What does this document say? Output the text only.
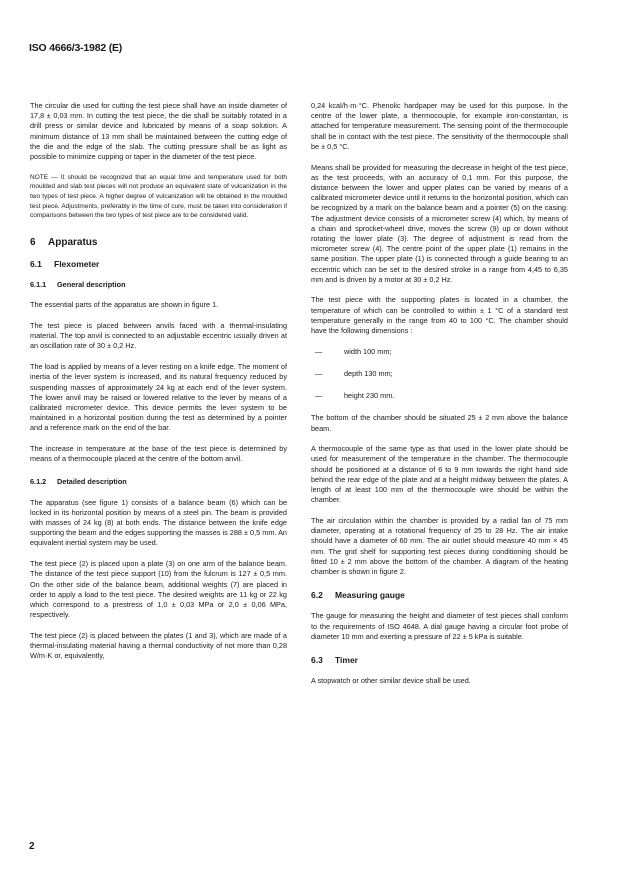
ISO 4666/3-1982 (E)

The circular die used for cutting the test piece shall have an inside diameter of 17,8 ± 0,03 mm. In cutting the test piece, the die shall be suitably rotated in a drill press or similar device and lubricated by means of a soap solution. A minimum distance of 13 mm shall be maintained between the cutting edge of the die and the edge of the slab. The cutting pressure shall be as light as possible to minimize cupping or taper in the diameter of the test piece.

NOTE — It should be recognized that an equal time and temperature used for both moulded and slab test pieces will not produce an equivalent state of vulcanization in the two types of test piece. A higher degree of vulcanization will be obtained in the moulded test piece. Adjustments, preferably in the time of cure, must be taken into consideration if comparisons between the two types of test piece are to be considered valid.

6 Apparatus
6.1 Flexometer
6.1.1 General description

The essential parts of the apparatus are shown in figure 1.

The test piece is placed between anvils faced with a thermal-insulating material. The top anvil is connected to an adjustable eccentric usually driven at an oscillation rate of 30 ± 0,2 Hz.

The load is applied by means of a lever resting on a knife edge. The moment of inertia of the lever system is increased, and its natural frequency reduced by suspending masses of approximately 24 kg at each end of the lever system. The lower anvil may be raised or lowered relative to the lever by means of a calibrated micrometer device. This device permits the lever system to be maintained in a horizontal position during the test as determined by a pointer and a reference mark on the end of the bar.

The increase in temperature at the base of the test piece is determined by means of a thermocouple placed at the centre of the bottom anvil.

6.1.2 Detailed description

The apparatus (see figure 1) consists of a balance beam (6) which can be locked in its horizontal position by means of a steel pin. The beam is provided with masses of 24 kg (8) at both ends. The distance between the knife edge supporting the beam and the edges supporting the masses is 288 ± 0,5 mm. An equivalent inertial system may be used.

The test piece (2) is placed upon a plate (3) on one arm of the balance beam. The distance of the test piece support (10) from the fulcrum is 127 ± 0,5 mm. On the other side of the balance beam, additional weights (7) are placed in order to apply a load to the test piece. The desired weights are 11 kg or 22 kg which correspond to a prestress of 1,0 ± 0,03 MPa or 2,0 ± 0,06 MPa, respectively.

The test piece (2) is placed between the plates (1 and 3), which are made of a thermal-insulating material having a thermal conductivity of not more than 0,28 W/m·K or, equivalently,

0,24 kcal/h·m·°C. Phenolic hardpaper may be used for this purpose. In the centre of the lower plate, a thermocouple, for example iron-constantan, is attached for temperature measurement. The sensing point of the thermocouple shall be in contact with the test piece. The sensitivity of the thermocouple shall be ± 0,5 °C.

Means shall be provided for measuring the decrease in height of the test piece, as the test proceeds, with an accuracy of 0,1 mm. For this purpose, the distance between the lower and upper plates can be varied by means of a calibrated micrometer device until it returns to the horizontal position, which can be recognized by a mark on the balance beam and a pointer (5) on the casing. The adjustment device consists of a micrometer screw (4) which, by means of a chain and sprocket-wheel drive, moves the screw (9) up or down without rotating the lower plate (3). The degree of adjustment is read from the micrometer screw (4). The centre point of the upper plate (1) remains in the same position. The upper plate (1) is connected through a guide bearing to an eccentric which can be set to the desired stroke in a range from 4,45 to 6,35 mm and is driven by a motor at 30 ± 0,2 Hz.

The test piece with the supporting plates is located in a chamber, the temperature of which can be controlled to within ± 1 °C of a standard test temperature generally in the range from 40 to 100 °C. The chamber should have the following dimensions :

—	width 100 mm;
—	depth 130 mm;
—	height 230 mm.

The bottom of the chamber should be situated 25 ± 2 mm above the balance beam.

A thermocouple of the same type as that used in the lower plate should be used for measurement of the temperature in the chamber. The thermocouple should be positioned at a distance of 6 to 9 mm towards the right hand side behind the rear edge of the plate and at a height midway between the plates. A length of at least 100 mm of the thermocouple wire should be within the chamber.

The air circulation within the chamber is provided by a radial fan of 75 mm diameter, operating at a rotational frequency of 25 to 28 Hz. The air intake should have a diameter of 60 mm. The air outlet should measure 40 mm × 45 mm. The grid shelf for supporting test pieces during conditioning should be fitted 10 ± 2 mm above the bottom of the chamber. A diagram of the heating chamber is shown in figure 2.

6.2 Measuring gauge

The gauge for measuring the height and diameter of test pieces shall conform to the requirements of ISO 4648. A dial gauge having a circular foot probe of diameter 10 mm and exerting a pressure of 22 ± 5 kPa is suitable.

6.3 Timer

A stopwatch or other similar device shall be used.

2
